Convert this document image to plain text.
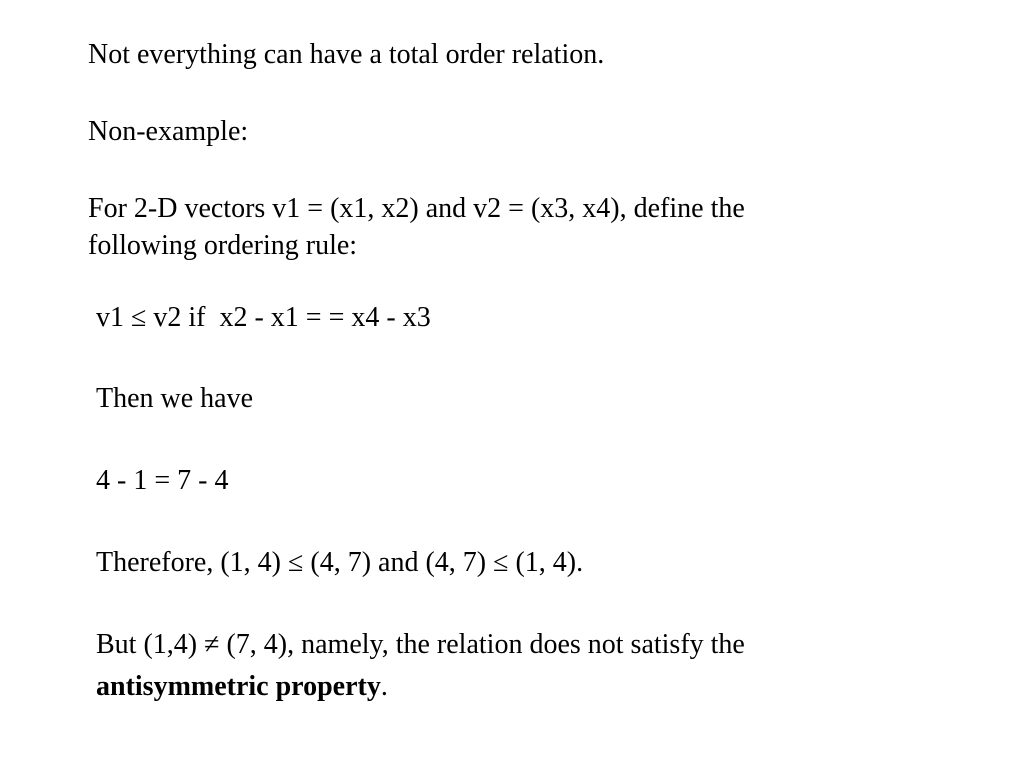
Not everything can have a total order relation.

Non-example:

For 2-D vectors v1 = (x1, x2) and v2 = (x3, x4), define the

following ordering rule:

v1 ≤ v2 if  x2 - x1 = = x4 - x3

Then we have

4 - 1 = 7 - 4

Therefore, (1, 4) ≤ (4, 7) and (4, 7) ≤ (1, 4).

But (1,4) ≠ (7, 4), namely, the relation does not satisfy the

antisymmetric property.
